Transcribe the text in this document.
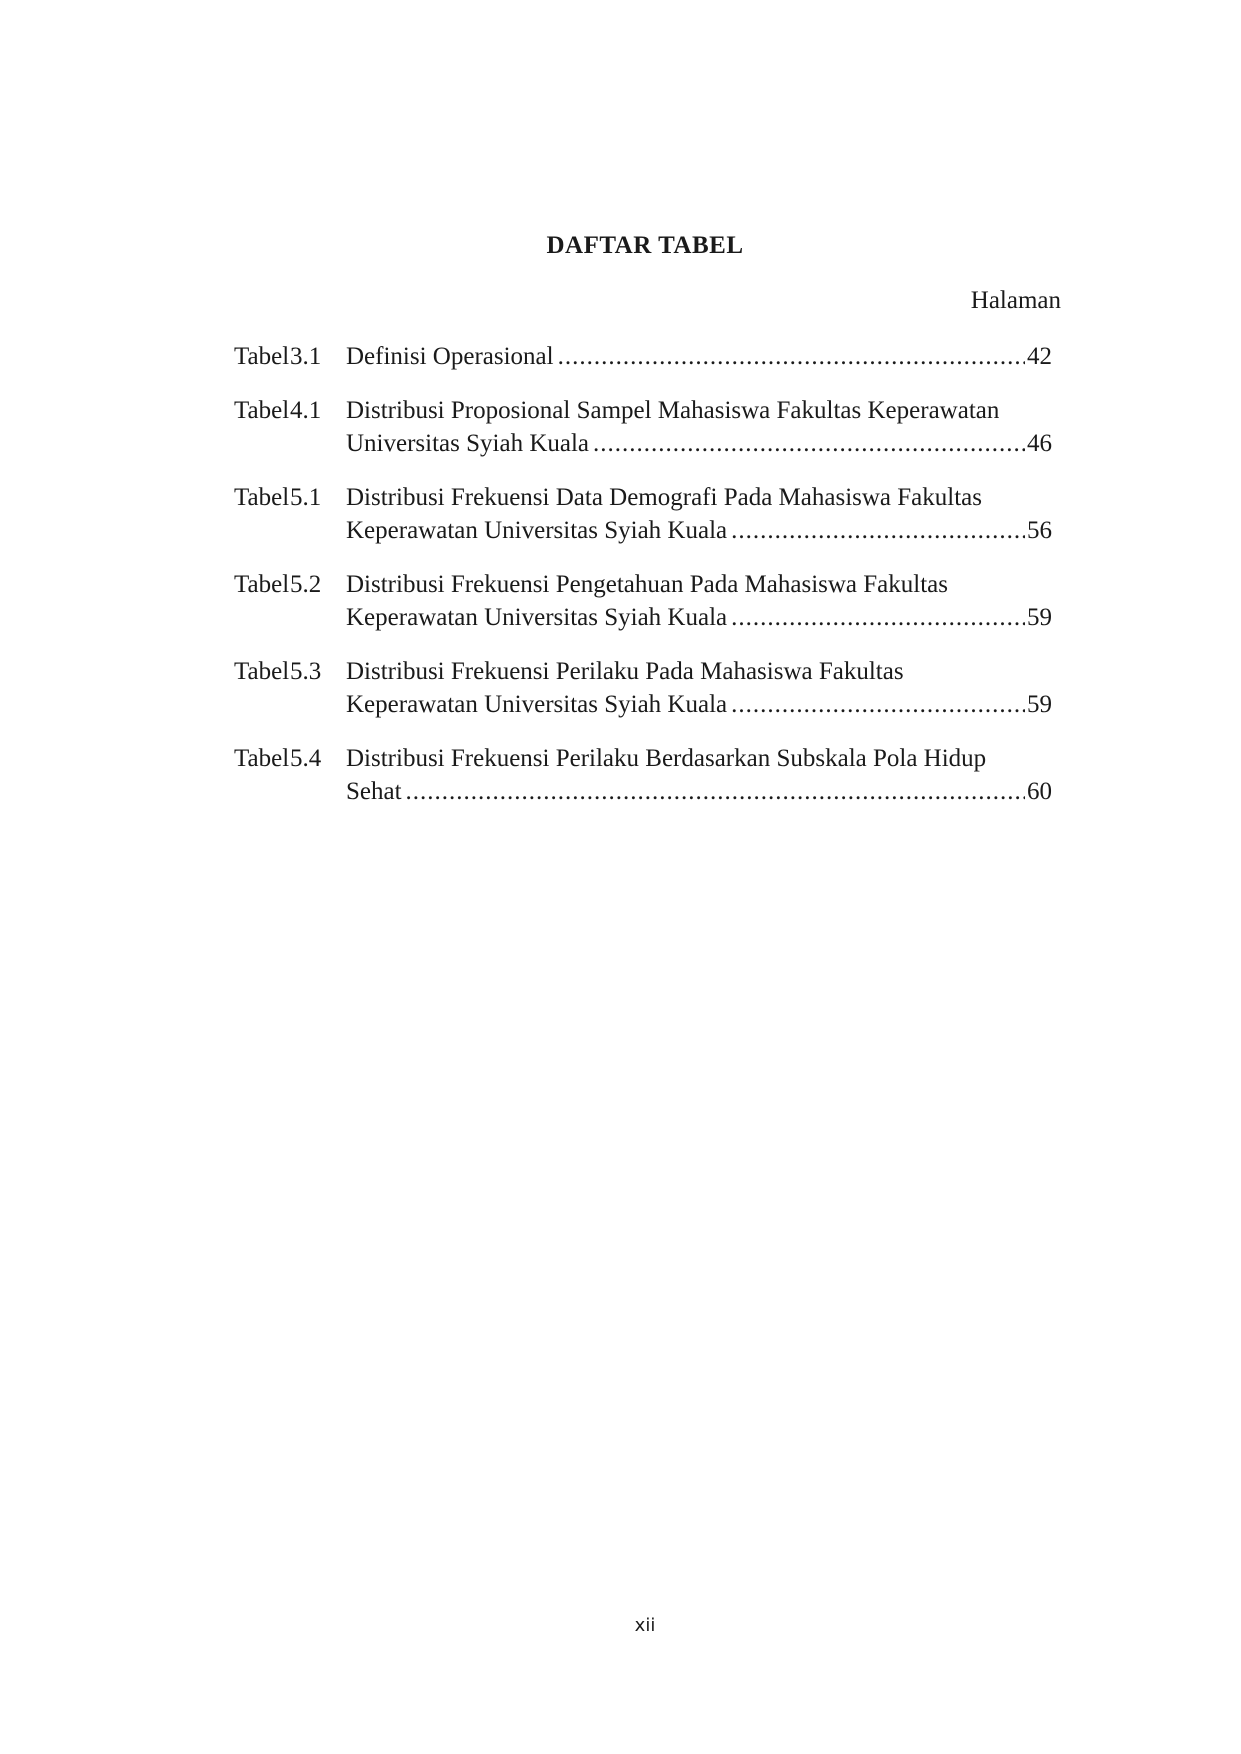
DAFTAR TABEL
Halaman
Tabel 3.1 Definisi Operasional .....	42
Tabel 4.1 Distribusi Proposional Sampel Mahasiswa Fakultas Keperawatan
Universitas Syiah Kuala .....	46
Tabel 5.1 Distribusi Frekuensi Data Demografi Pada Mahasiswa Fakultas
Keperawatan Universitas Syiah Kuala .....	56
Tabel 5.2 Distribusi Frekuensi Pengetahuan Pada Mahasiswa Fakultas
Keperawatan Universitas Syiah Kuala .....	59
Tabel 5.3 Distribusi Frekuensi Perilaku Pada Mahasiswa Fakultas
Keperawatan Universitas Syiah Kuala .....	59
Tabel 5.4 Distribusi Frekuensi Perilaku Berdasarkan Subskala Pola Hidup
Sehat .....	60
xii
